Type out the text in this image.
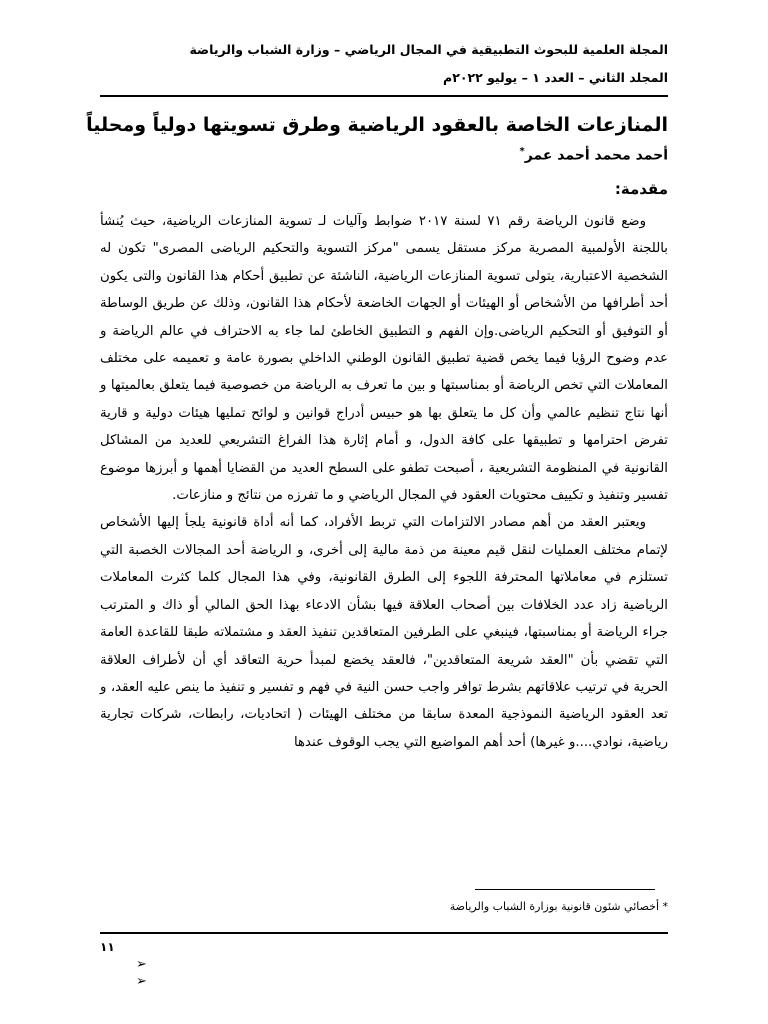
المجلة العلمية للبحوث التطبيقية في المجال الرياضي – وزارة الشباب والرياضة
المجلد الثاني – العدد ١ – يوليو ٢٠٢٢م
المنازعات الخاصة بالعقود الرياضية وطرق تسويتها دولياً ومحلياً
أحمد محمد أحمد عمر*
مقدمة:

وضع قانون الرياضة رقم ٧١ لسنة ٢٠١٧ ضوابط وآليات لـ تسوية المنازعات الرياضية، حيث يُنشأ باللجنة الأولمبية المصرية مركز مستقل يسمى "مركز التسوية والتحكيم الرياضى المصرى" تكون له الشخصية الاعتبارية، يتولى تسوية المنازعات الرياضية، الناشئة عن تطبيق أحكام هذا القانون والتى يكون أحد أطرافها من الأشخاص أو الهيئات أو الجهات الخاضعة لأحكام هذا القانون، وذلك عن طريق الوساطة أو التوفيق أو التحكيم الرياضى.وإن الفهم و التطبيق الخاطئ لما جاء به الاحتراف في عالم الرياضة و عدم وضوح الرؤيا فيما يخص قضية تطبيق القانون الوطني الداخلي بصورة عامة و تعميمه على مختلف المعاملات التي تخص الرياضة أو بمناسبتها و بين ما تعرف به الرياضة من خصوصية فيما يتعلق بعالميتها و أنها نتاج تنظيم عالمي وأن كل ما يتعلق بها هو حبيس أدراج قوانين و لوائح تمليها هيئات دولية و قارية تفرض احترامها و تطبيقها على كافة الدول، و أمام إثارة هذا الفراغ التشريعي للعديد من المشاكل القانونية في المنظومة التشريعية ، أصبحت تطفو على السطح العديد من القضايا أهمها و أبرزها موضوع تفسير وتنفيذ و تكييف محتويات العقود في المجال الرياضي و ما تفرزه من نتائج و منازعات.

ويعتبر العقد من أهم مصادر الالتزامات التي تربط الأفراد، كما أنه أداة قانونية يلجأ إليها الأشخاص لإتمام مختلف العمليات لنقل قيم معينة من ذمة مالية إلى أخرى، و الرياضة أحد المجالات الخصبة التي تستلزم في معاملاتها المحترفة اللجوء إلى الطرق القانونية، وفي هذا المجال كلما كثرت المعاملات الرياضية زاد عدد الخلافات بين أصحاب العلاقة فيها بشأن الادعاء بهذا الحق المالي أو ذاك و المترتب جراء الرياضة أو بمناسبتها، فينبغي على الطرفين المتعاقدين تنفيذ العقد و مشتملاته طبقا للقاعدة العامة التي تقضي بأن "العقد شريعة المتعاقدين"، فالعقد يخضع لمبدأ حرية التعاقد أي أن لأطراف العلاقة الحرية في ترتيب علاقاتهم بشرط توافر واجب حسن النية في فهم و تفسير و تنفيذ ما ينص عليه العقد، و تعد العقود الرياضية النموذجية المعدة سابقا من مختلف الهيئات ( اتحاديات، رابطات، شركات تجارية رياضية، نوادي....و غيرها) أحد أهم المواضيع التي يجب الوقوف عندها

* أخصائي شئون قانونية بوزارة الشباب والرياضة
١١
➢
➢
